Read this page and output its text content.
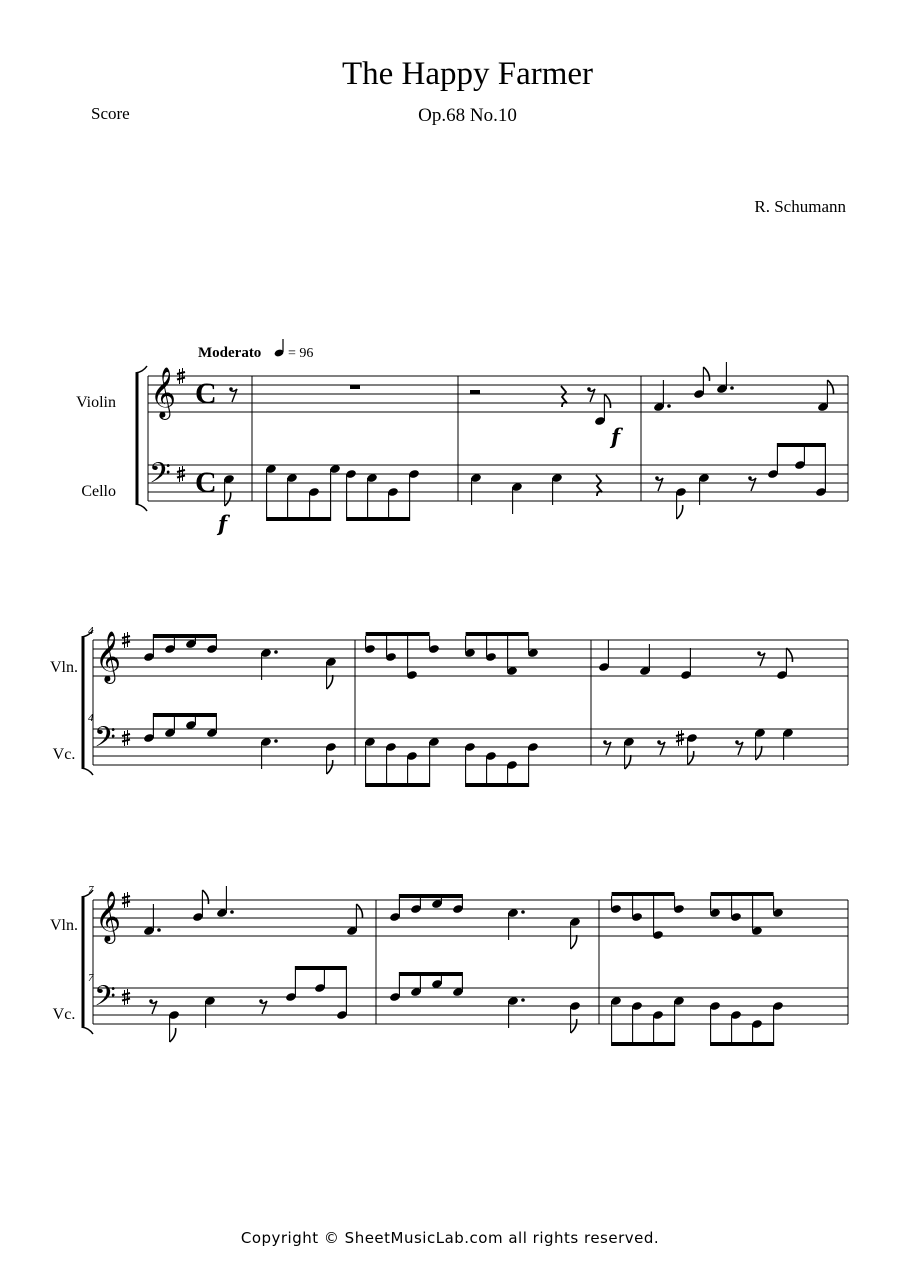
The Happy Farmer
Op.68 No.10
Score
R. Schumann
Moderato = 96
Violin
Cello
Vln.
Vc.
4
4
Vln.
Vc.
7
7
𝄞
𝄢
C
C
f
f
𝄞
𝄢
𝄞
𝄢
Copyright © SheetMusicLab.com all rights reserved.
